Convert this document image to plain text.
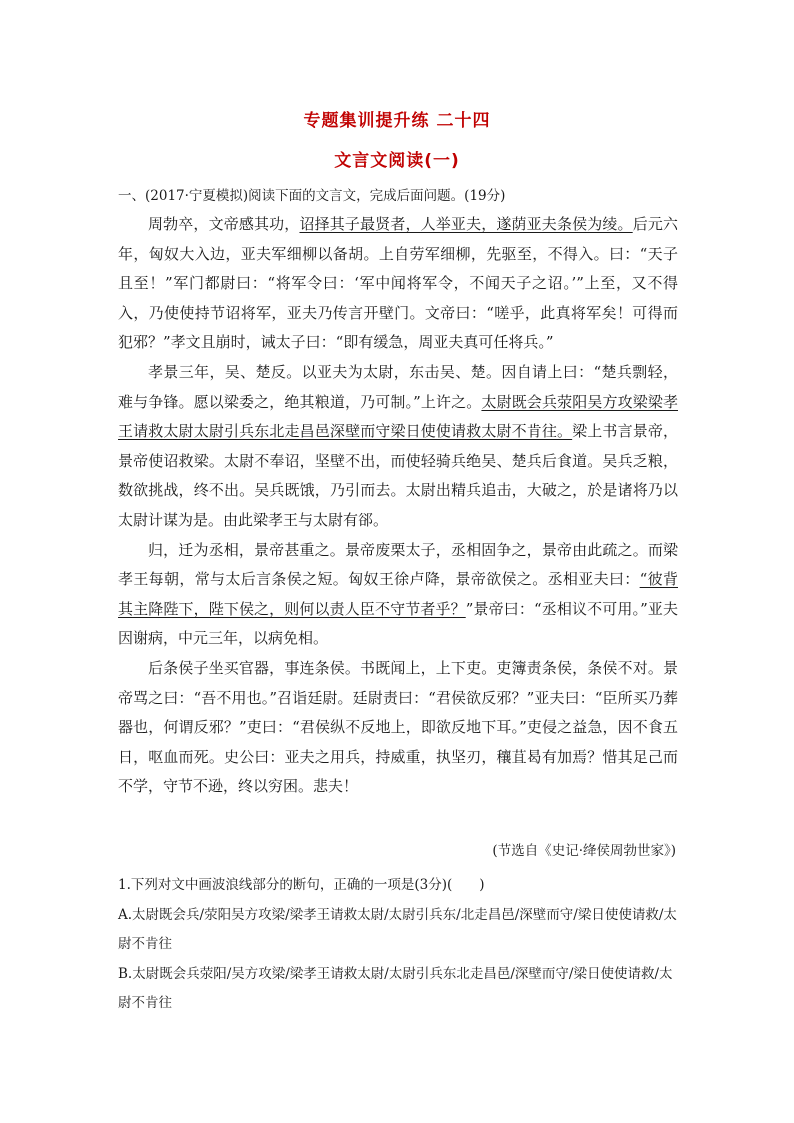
专题集训提升练 二十四
文言文阅读(一)
一、(2017·宁夏模拟)阅读下面的文言文，完成后面问题。(19分)

周勃卒，文帝感其功，诏择其子最贤者，人举亚夫，遂荫亚夫条侯为绫。后元六年，匈奴大入边，亚夫军细柳以备胡。上自劳军细柳，先驱至，不得入。曰：“天子且至！”军门都尉曰：“将军令曰：‘军中闻将军令，不闻天子之诏。’”上至，又不得入，乃使使持节诏将军，亚夫乃传言开壁门。文帝曰：“嗟乎，此真将军矣！可得而犯邪？”孝文且崩时，诫太子曰：“即有缓急，周亚夫真可任将兵。”

孝景三年，吴、楚反。以亚夫为太尉，东击吴、楚。因自请上曰：“楚兵剽轻，难与争锋。愿以梁委之，绝其粮道，乃可制。”上许之。太尉既会兵荥阳吴方攻梁梁孝王请救太尉太尉引兵东北走昌邑深壁而守梁日使使请救太尉不肯往。梁上书言景帝，景帝使诏救梁。太尉不奉诏，坚壁不出，而使轻骑兵绝吴、楚兵后食道。吴兵乏粮，数欲挑战，终不出。吴兵既饿，乃引而去。太尉出精兵追击，大破之，於是诸将乃以太尉计谋为是。由此梁孝王与太尉有郤。

归，迁为丞相，景帝甚重之。景帝废栗太子，丞相固争之，景帝由此疏之。而梁孝王每朝，常与太后言条侯之短。匈奴王徐卢降，景帝欲侯之。丞相亚夫曰：“彼背其主降陛下，陛下侯之，则何以责人臣不守节者乎？”景帝曰：“丞相议不可用。”亚夫因谢病，中元三年，以病免相。

后条侯子坐买官器，事连条侯。书既闻上，上下吏。吏簿责条侯，条侯不对。景帝骂之曰：“吾不用也。”召诣廷尉。廷尉责曰：“君侯欲反邪？”亚夫曰：“臣所买乃葬器也，何谓反邪？”吏曰：“君侯纵不反地上，即欲反地下耳。”吏侵之益急，因不食五日，呕血而死。史公曰：亚夫之用兵，持威重，执坚刃，穰苴曷有加焉？惜其足己而不学，守节不逊，终以穷困。悲夫！

(节选自《史记·绛侯周勃世家》)

1.下列对文中画波浪线部分的断句，正确的一项是(3分)(　　)

A.太尉既会兵/荥阳吴方攻梁/梁孝王请救太尉/太尉引兵东/北走昌邑/深壁而守/梁日使使请救/太尉不肯往

B.太尉既会兵荥阳/吴方攻梁/梁孝王请救太尉/太尉引兵东北走昌邑/深壁而守/梁日使使请救/太尉不肯往
